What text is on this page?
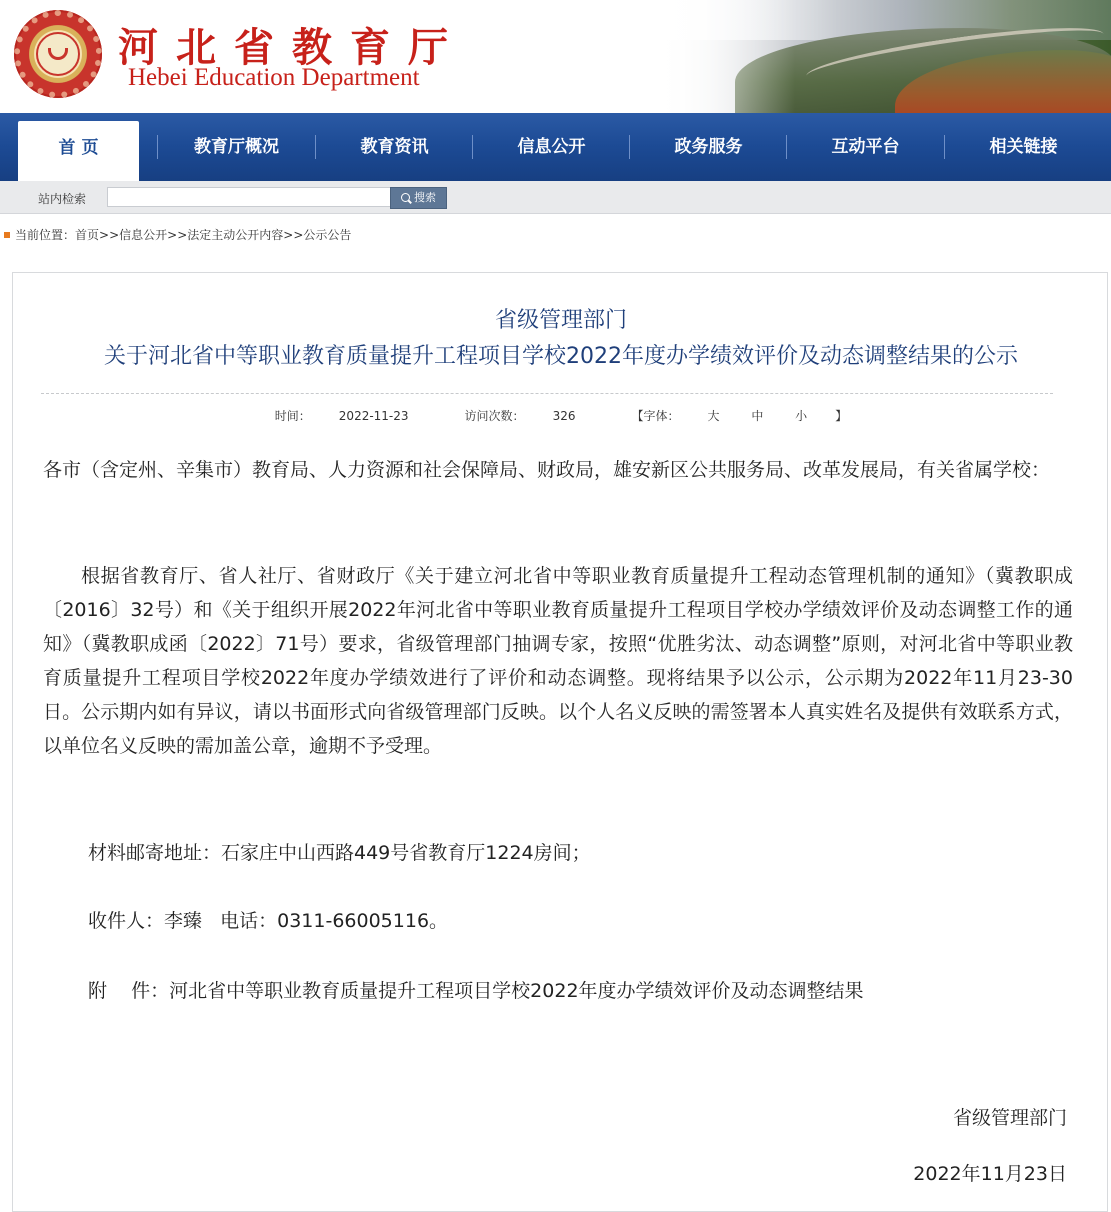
河北省教育厅
Hebei Education Department
首 页	教育厅概况	教育资讯	信息公开	政务服务	互动平台	相关链接
站内检索	搜索
当前位置：首页>>信息公开>>法定主动公开内容>>公示公告
省级管理部门
关于河北省中等职业教育质量提升工程项目学校2022年度办学绩效评价及动态调整结果的公示
时间： 2022-11-23	访问次数： 326	【字体： 大	中	小 】
各市（含定州、辛集市）教育局、人力资源和社会保障局、财政局，雄安新区公共服务局、改革发展局，有关省属学校：
根据省教育厅、省人社厅、省财政厅《关于建立河北省中等职业教育质量提升工程动态管理机制的通知》（冀教职成〔2016〕32号）和《关于组织开展2022年河北省中等职业教育质量提升工程项目学校办学绩效评价及动态调整工作的通知》（冀教职成函〔2022〕71号）要求，省级管理部门抽调专家，按照“优胜劣汰、动态调整”原则，对河北省中等职业教育质量提升工程项目学校2022年度办学绩效进行了评价和动态调整。现将结果予以公示，公示期为2022年11月23-30日。公示期内如有异议，请以书面形式向省级管理部门反映。以个人名义反映的需签署本人真实姓名及提供有效联系方式，以单位名义反映的需加盖公章，逾期不予受理。
材料邮寄地址：石家庄中山西路449号省教育厅1224房间；
收件人：李臻   电话：0311-66005116。
附    件：河北省中等职业教育质量提升工程项目学校2022年度办学绩效评价及动态调整结果
省级管理部门
2022年11月23日
